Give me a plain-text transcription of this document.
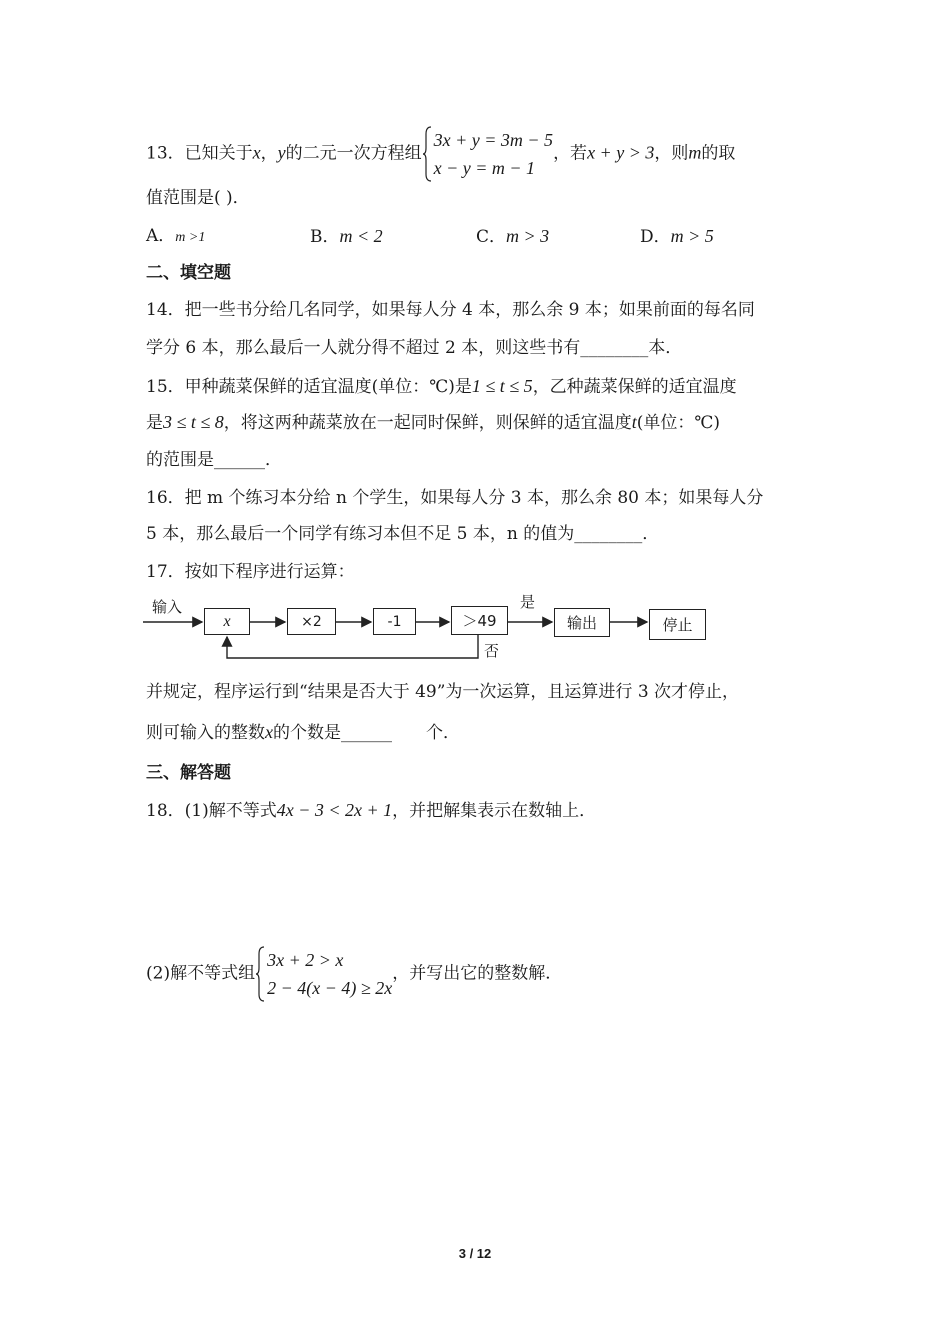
13．已知关于x，y的二元一次方程组
3x + y = 3m − 5
x − y = m − 1
，若x + y > 3，则m的取
值范围是( )．
A．m >1	B．m < 2	C．m > 3	D．m > 5
二、填空题
14．把一些书分给几名同学，如果每人分 4 本，那么余 9 本；如果前面的每名同
学分 6 本，那么最后一人就分得不超过 2 本，则这些书有________本．
15．甲种蔬菜保鲜的适宜温度(单位：℃)是1 ≤ t ≤ 5，乙种蔬菜保鲜的适宜温度
是3 ≤ t ≤ 8，将这两种蔬菜放在一起同时保鲜，则保鲜的适宜温度t(单位：℃)
的范围是______．
16．把 m 个练习本分给 n 个学生，如果每人分 3 本，那么余 80 本；如果每人分
5 本，那么最后一个同学有练习本但不足 5 本，n 的值为________．
17．按如下程序进行运算：
输入
x	×2	-1	＞49
是
否
输出	停止
并规定，程序运行到“结果是否大于 49”为一次运算，且运算进行 3 次才停止，
则可输入的整数x的个数是______　　个．
三、解答题
18．(1)解不等式4x − 3 < 2x + 1，并把解集表示在数轴上．
(2)解不等式组
3x + 2 > x
2 − 4(x − 4) ≥ 2x
，并写出它的整数解．
3 / 12
